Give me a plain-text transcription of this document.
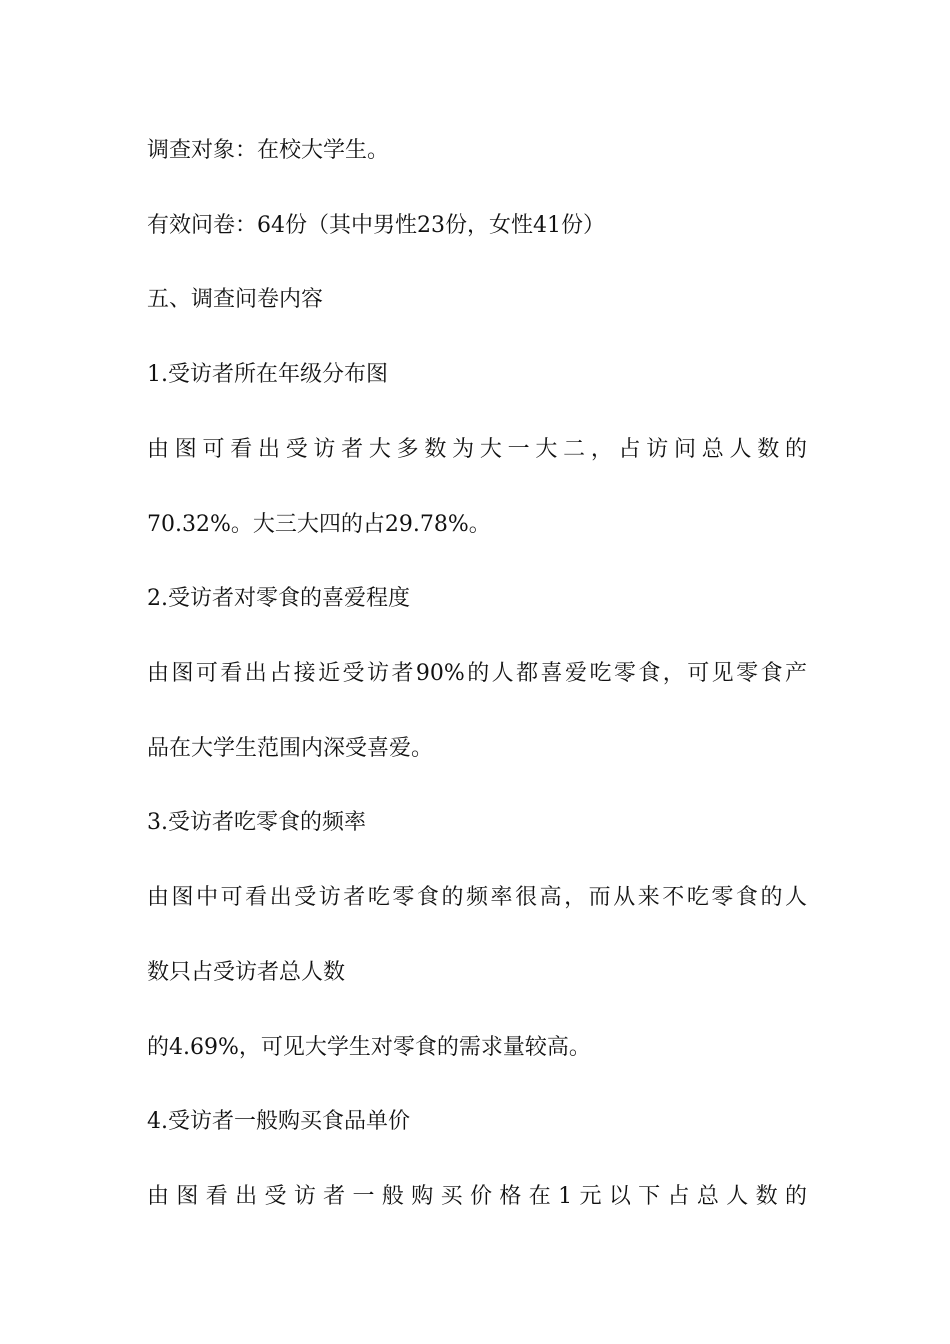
调查对象：在校大学生。
有效问卷：64份（其中男性23份，女性41份）
五、调查问卷内容
1.受访者所在年级分布图
由图可看出受访者大多数为大一大二，占访问总人数的
70.32%。大三大四的占29.78%。
2.受访者对零食的喜爱程度
由图可看出占接近受访者90%的人都喜爱吃零食，可见零食产
品在大学生范围内深受喜爱。
3.受访者吃零食的频率
由图中可看出受访者吃零食的频率很高，而从来不吃零食的人
数只占受访者总人数
的4.69%，可见大学生对零食的需求量较高。
4.受访者一般购买食品单价
由图看出受访者一般购买价格在1元以下占总人数的
